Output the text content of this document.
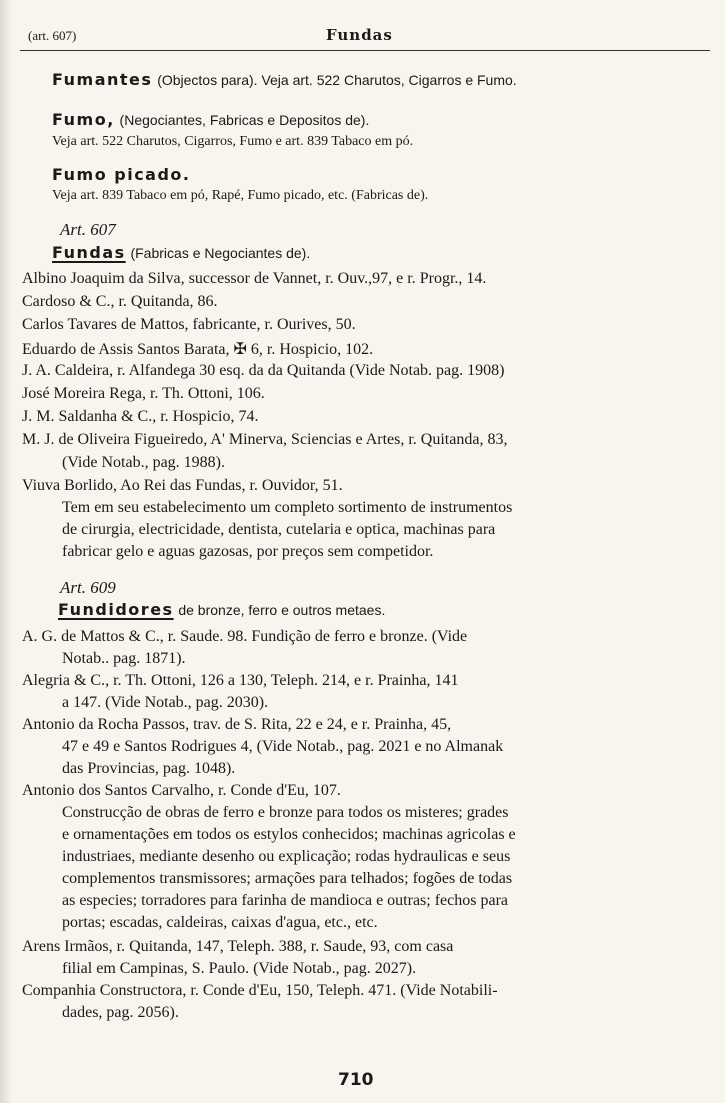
(art. 607)	Fundas
Fumantes (Objectos para). Veja art. 522 Charutos, Cigarros e Fumo.
Fumo, (Negociantes, Fabricas e Depositos de).
Veja art. 522 Charutos, Cigarros, Fumo e art. 839 Tabaco em pó.
Fumo picado.
Veja art. 839 Tabaco em pó, Rapé, Fumo picado, etc. (Fabricas de).
Art. 607
Fundas (Fabricas e Negociantes de).
Albino Joaquim da Silva, successor de Vannet, r. Ouv.,97, e r. Progr., 14.
Cardoso & C., r. Quitanda, 86.
Carlos Tavares de Mattos, fabricante, r. Ourives, 50.
Eduardo de Assis Santos Barata, ✠ 6, r. Hospicio, 102.
J. A. Caldeira, r. Alfandega 30 esq. da da Quitanda (Vide Notab. pag. 1908)
José Moreira Rega, r. Th. Ottoni, 106.
J. M. Saldanha & C., r. Hospicio, 74.
M. J. de Oliveira Figueiredo, A' Minerva, Sciencias e Artes, r. Quitanda, 83,
(Vide Notab., pag. 1988).
Viuva Borlido, Ao Rei das Fundas, r. Ouvidor, 51.
Tem em seu estabelecimento um completo sortimento de instrumentos
de cirurgia, electricidade, dentista, cutelaria e optica, machinas para
fabricar gelo e aguas gazosas, por preços sem competidor.
Art. 609
Fundidores de bronze, ferro e outros metaes.
A. G. de Mattos & C., r. Saude. 98. Fundição de ferro e bronze. (Vide
Notab.. pag. 1871).
Alegria & C., r. Th. Ottoni, 126 a 130, Teleph. 214, e r. Prainha, 141
a 147. (Vide Notab., pag. 2030).
Antonio da Rocha Passos, trav. de S. Rita, 22 e 24, e r. Prainha, 45,
47 e 49 e Santos Rodrigues 4, (Vide Notab., pag. 2021 e no Almanak
das Provincias, pag. 1048).
Antonio dos Santos Carvalho, r. Conde d'Eu, 107.
Construcção de obras de ferro e bronze para todos os misteres; grades
e ornamentações em todos os estylos conhecidos; machinas agricolas e
industriaes, mediante desenho ou explicação; rodas hydraulicas e seus
complementos transmissores; armações para telhados; fogões de todas
as especies; torradores para farinha de mandioca e outras; fechos para
portas; escadas, caldeiras, caixas d'agua, etc., etc.
Arens Irmãos, r. Quitanda, 147, Teleph. 388, r. Saude, 93, com casa
filial em Campinas, S. Paulo. (Vide Notab., pag. 2027).
Companhia Constructora, r. Conde d'Eu, 150, Teleph. 471. (Vide Notabili-
dades, pag. 2056).
710
